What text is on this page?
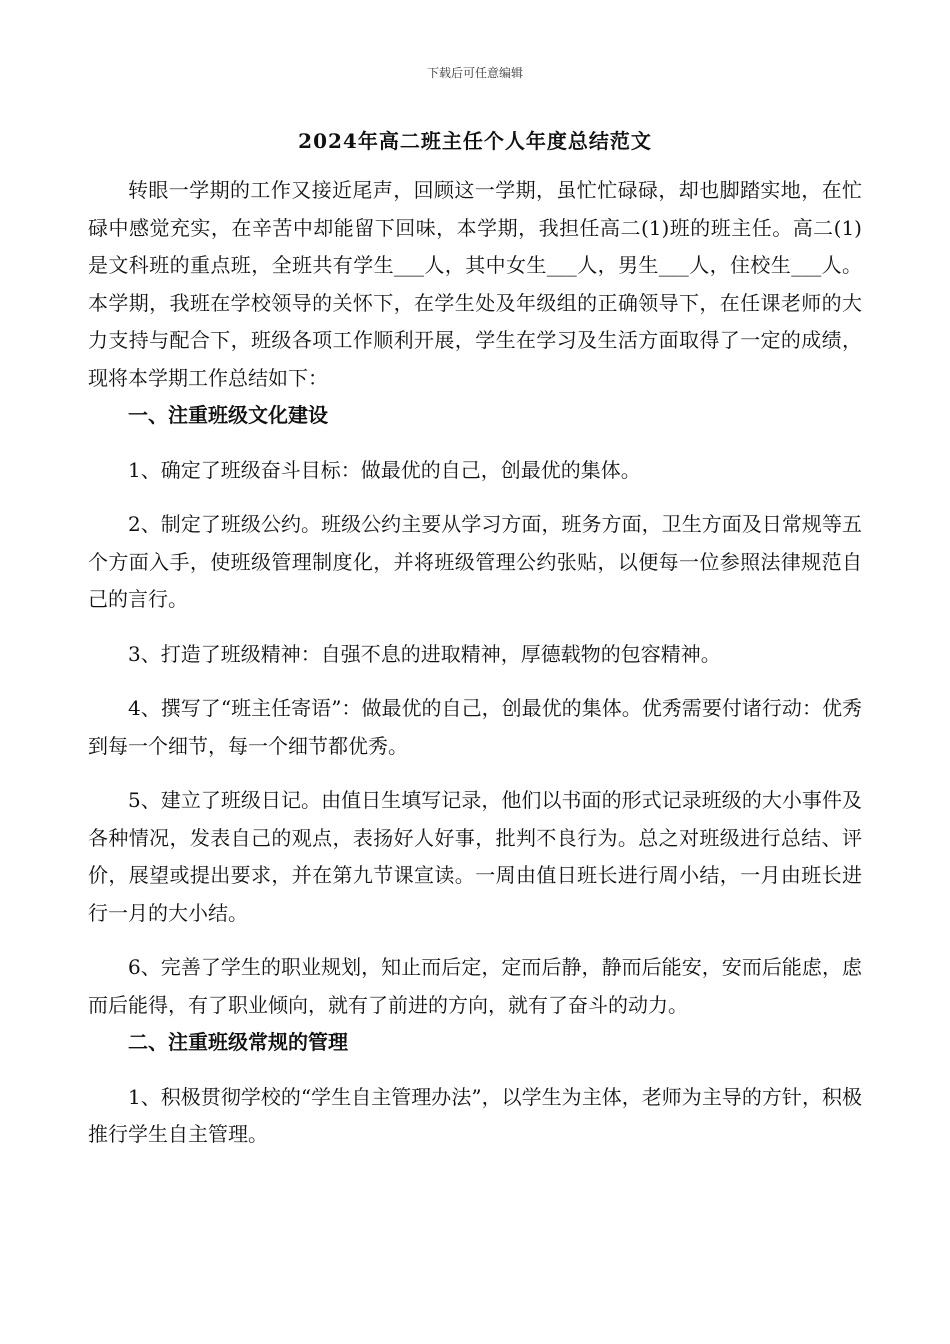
下载后可任意编辑
2024年高二班主任个人年度总结范文

转眼一学期的工作又接近尾声，回顾这一学期，虽忙忙碌碌，却也脚踏实地，在忙碌中感觉充实，在辛苦中却能留下回味，本学期，我担任高二(1)班的班主任。高二(1)是文科班的重点班，全班共有学生___人，其中女生___人，男生___人，住校生___人。本学期，我班在学校领导的关怀下，在学生处及年级组的正确领导下，在任课老师的大力支持与配合下，班级各项工作顺利开展，学生在学习及生活方面取得了一定的成绩，现将本学期工作总结如下：

一、注重班级文化建设

1、确定了班级奋斗目标：做最优的自己，创最优的集体。

2、制定了班级公约。班级公约主要从学习方面，班务方面，卫生方面及日常规等五个方面入手，使班级管理制度化，并将班级管理公约张贴，以便每一位参照法律规范自己的言行。

3、打造了班级精神：自强不息的进取精神，厚德载物的包容精神。

4、撰写了“班主任寄语”：做最优的自己，创最优的集体。优秀需要付诸行动：优秀到每一个细节，每一个细节都优秀。

5、建立了班级日记。由值日生填写记录，他们以书面的形式记录班级的大小事件及各种情况，发表自己的观点，表扬好人好事，批判不良行为。总之对班级进行总结、评价，展望或提出要求，并在第九节课宣读。一周由值日班长进行周小结，一月由班长进行一月的大小结。

6、完善了学生的职业规划，知止而后定，定而后静，静而后能安，安而后能虑，虑而后能得，有了职业倾向，就有了前进的方向，就有了奋斗的动力。

二、注重班级常规的管理

1、积极贯彻学校的“学生自主管理办法”，以学生为主体，老师为主导的方针，积极推行学生自主管理。
